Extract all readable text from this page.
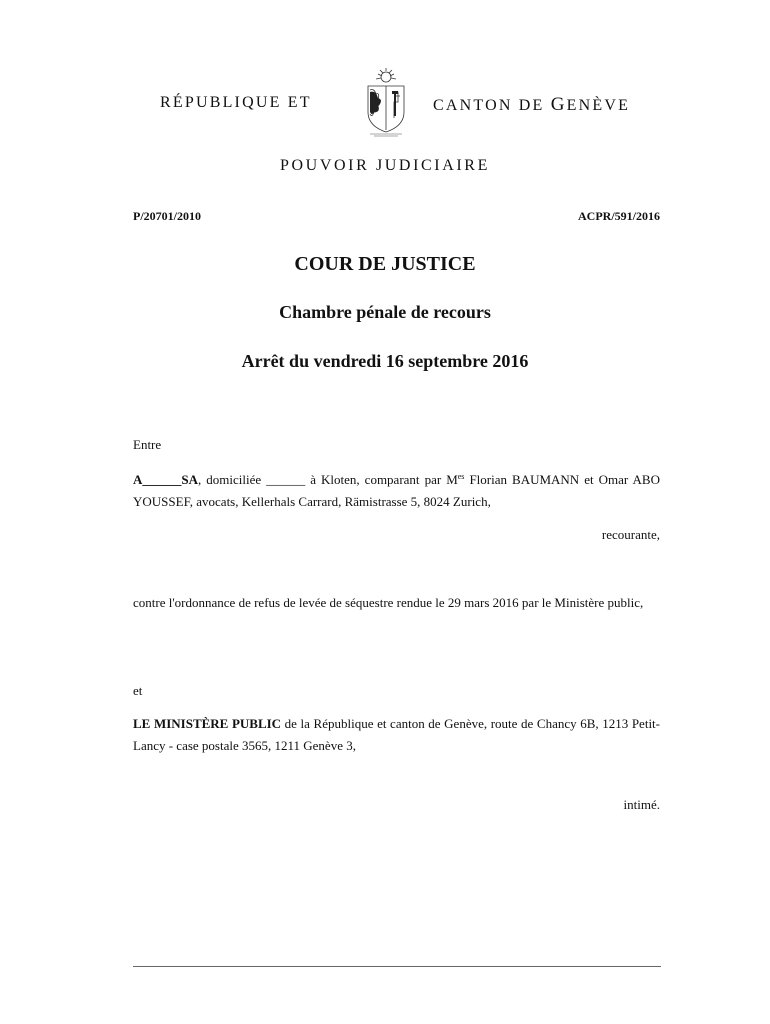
RÉPUBLIQUE ET	CANTON DE GENÈVE
POUVOIR JUDICIAIRE
P/20701/2010	ACPR/591/2016
COUR DE JUSTICE
Chambre pénale de recours
Arrêt du vendredi 16 septembre 2016
Entre
A______SA, domiciliée ______ à Kloten, comparant par $M^{es}$ Florian BAUMANN et Omar ABO YOUSSEF, avocats, Kellerhals Carrard, Rämistrasse 5, 8024 Zurich,
recourante,
contre l'ordonnance de refus de levée de séquestre rendue le 29 mars 2016 par le Ministère public,
et
LE MINISTÈRE PUBLIC de la République et canton de Genève, route de Chancy 6B, 1213 Petit-Lancy - case postale 3565, 1211 Genève 3,
intimé.
